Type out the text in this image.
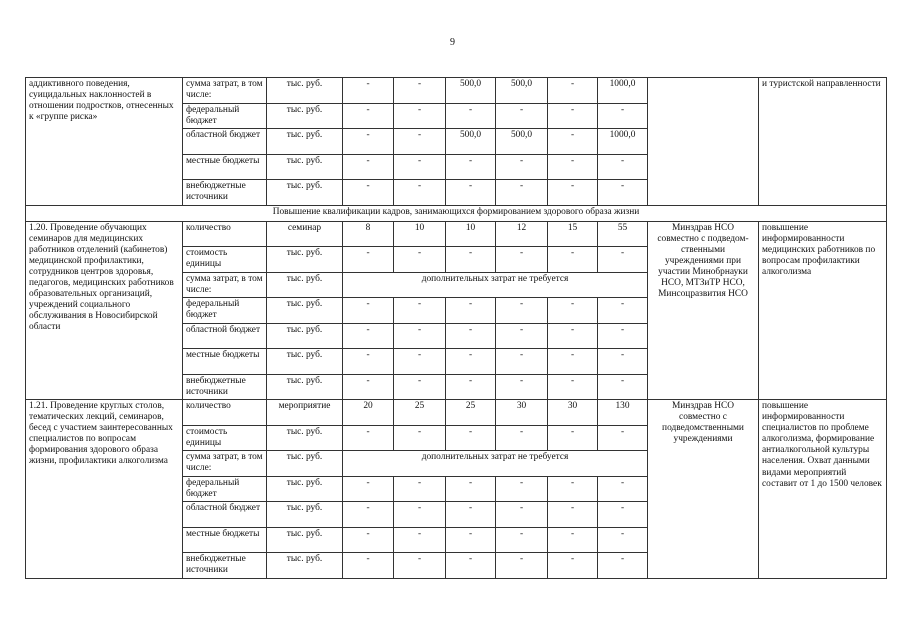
9
аддиктивного поведения, суицидальных наклонностей в отношении подростков, отнесенных к «группе риска»	сумма затрат, в том числе:	тыс. руб.	-	-	500,0	500,0	-	1000,0		и туристской направленности
	федеральный бюджет	тыс. руб.	-	-	-	-	-	-		
	областной бюджет	тыс. руб.	-	-	500,0	500,0	-	1000,0		
	местные бюджеты	тыс. руб.	-	-	-	-	-	-		
	внебюджетные источники	тыс. руб.	-	-	-	-	-	-		
Повышение квалификации кадров, занимающихся формированием здорового образа жизни										
1.20. Проведение обучающих семинаров для медицинских работников отделений (кабинетов) медицинской профилактики, сотрудников центров здоровья, педагогов, медицинских работников образовательных организаций, учреждений социального обслуживания в Новосибирской области	количество	семинар	8	10	10	12	15	55	Минздрав НСО совместно с подведом-ственными учреждениями при участии Минобрнауки НСО, МТЗиТР НСО, Минсоцразвития НСО	повышение информированности медицинских работников по вопросам профилактики алкоголизма
	стоимость единицы	тыс. руб.	-	-	-	-	-	-		
	сумма затрат, в том числе:	тыс. руб.	дополнительных затрат не требуется							
	федеральный бюджет	тыс. руб.	-	-	-	-	-	-		
	областной бюджет	тыс. руб.	-	-	-	-	-	-		
	местные бюджеты	тыс. руб.	-	-	-	-	-	-		
	внебюджетные источники	тыс. руб.	-	-	-	-	-	-		
1.21. Проведение круглых столов, тематических лекций, семинаров, бесед с участием заинтересованных специалистов по вопросам формирования здорового образа жизни, профилактики алкоголизма	количество	мероприятие	20	25	25	30	30	130	Минздрав НСО совместно с подведомственными учреждениями	повышение информированности специалистов по проблеме алкоголизма, формирование антиалкогольной культуры населения. Охват данными видами мероприятий составит от 1 до 1500 человек
	стоимость единицы	тыс. руб.	-	-	-	-	-	-		
	сумма затрат, в том числе:	тыс. руб.	дополнительных затрат не требуется							
	федеральный бюджет	тыс. руб.	-	-	-	-	-	-		
	областной бюджет	тыс. руб.	-	-	-	-	-	-		
	местные бюджеты	тыс. руб.	-	-	-	-	-	-		
	внебюджетные источники	тыс. руб.	-	-	-	-	-	-		
